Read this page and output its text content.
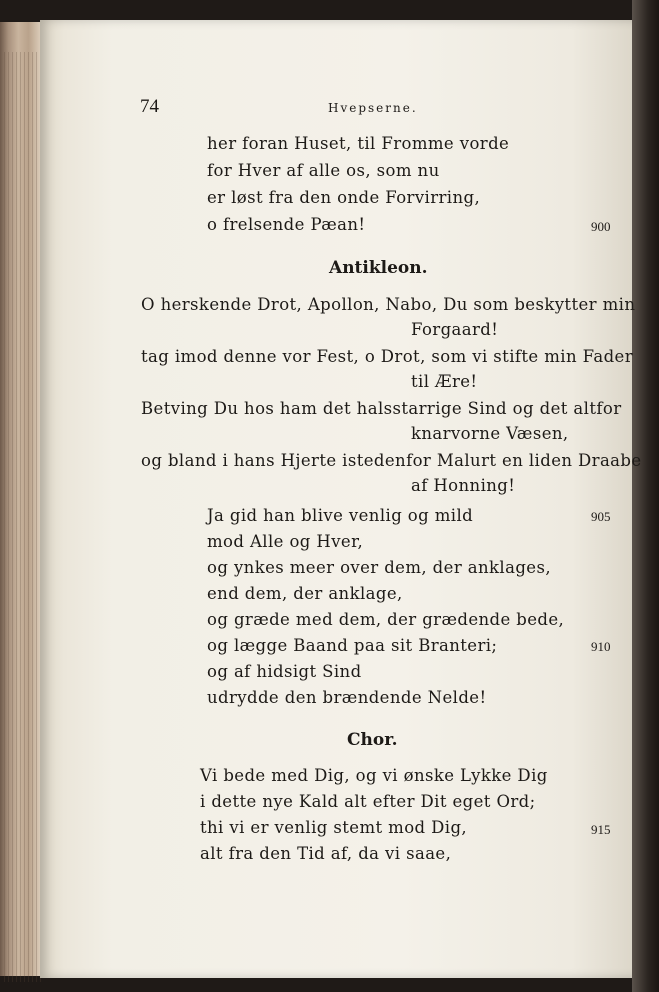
74	Hvepserne.
her foran Huset, til Fromme vorde
for Hver af alle os, som nu
er løst fra den onde Forvirring,
o frelsende Pæan!	900
Antikleon.
O herskende Drot, Apollon, Nabo, Du som beskytter min
Forgaard!
tag imod denne vor Fest, o Drot, som vi stifte min Fader
til Ære!
Betving Du hos ham det halsstarrige Sind og det altfor
knarvorne Væsen,
og bland i hans Hjerte istedenfor Malurt en liden Draabe
af Honning!
Ja gid han blive venlig og mild	905
mod Alle og Hver,
og ynkes meer over dem, der anklages,
end dem, der anklage,
og græde med dem, der grædende bede,
og lægge Baand paa sit Branteri;	910
og af hidsigt Sind
udrydde den brændende Nelde!
Chor.
Vi bede med Dig, og vi ønske Lykke Dig
i dette nye Kald alt efter Dit eget Ord;
thi vi er venlig stemt mod Dig,	915
alt fra den Tid af, da vi saae,
